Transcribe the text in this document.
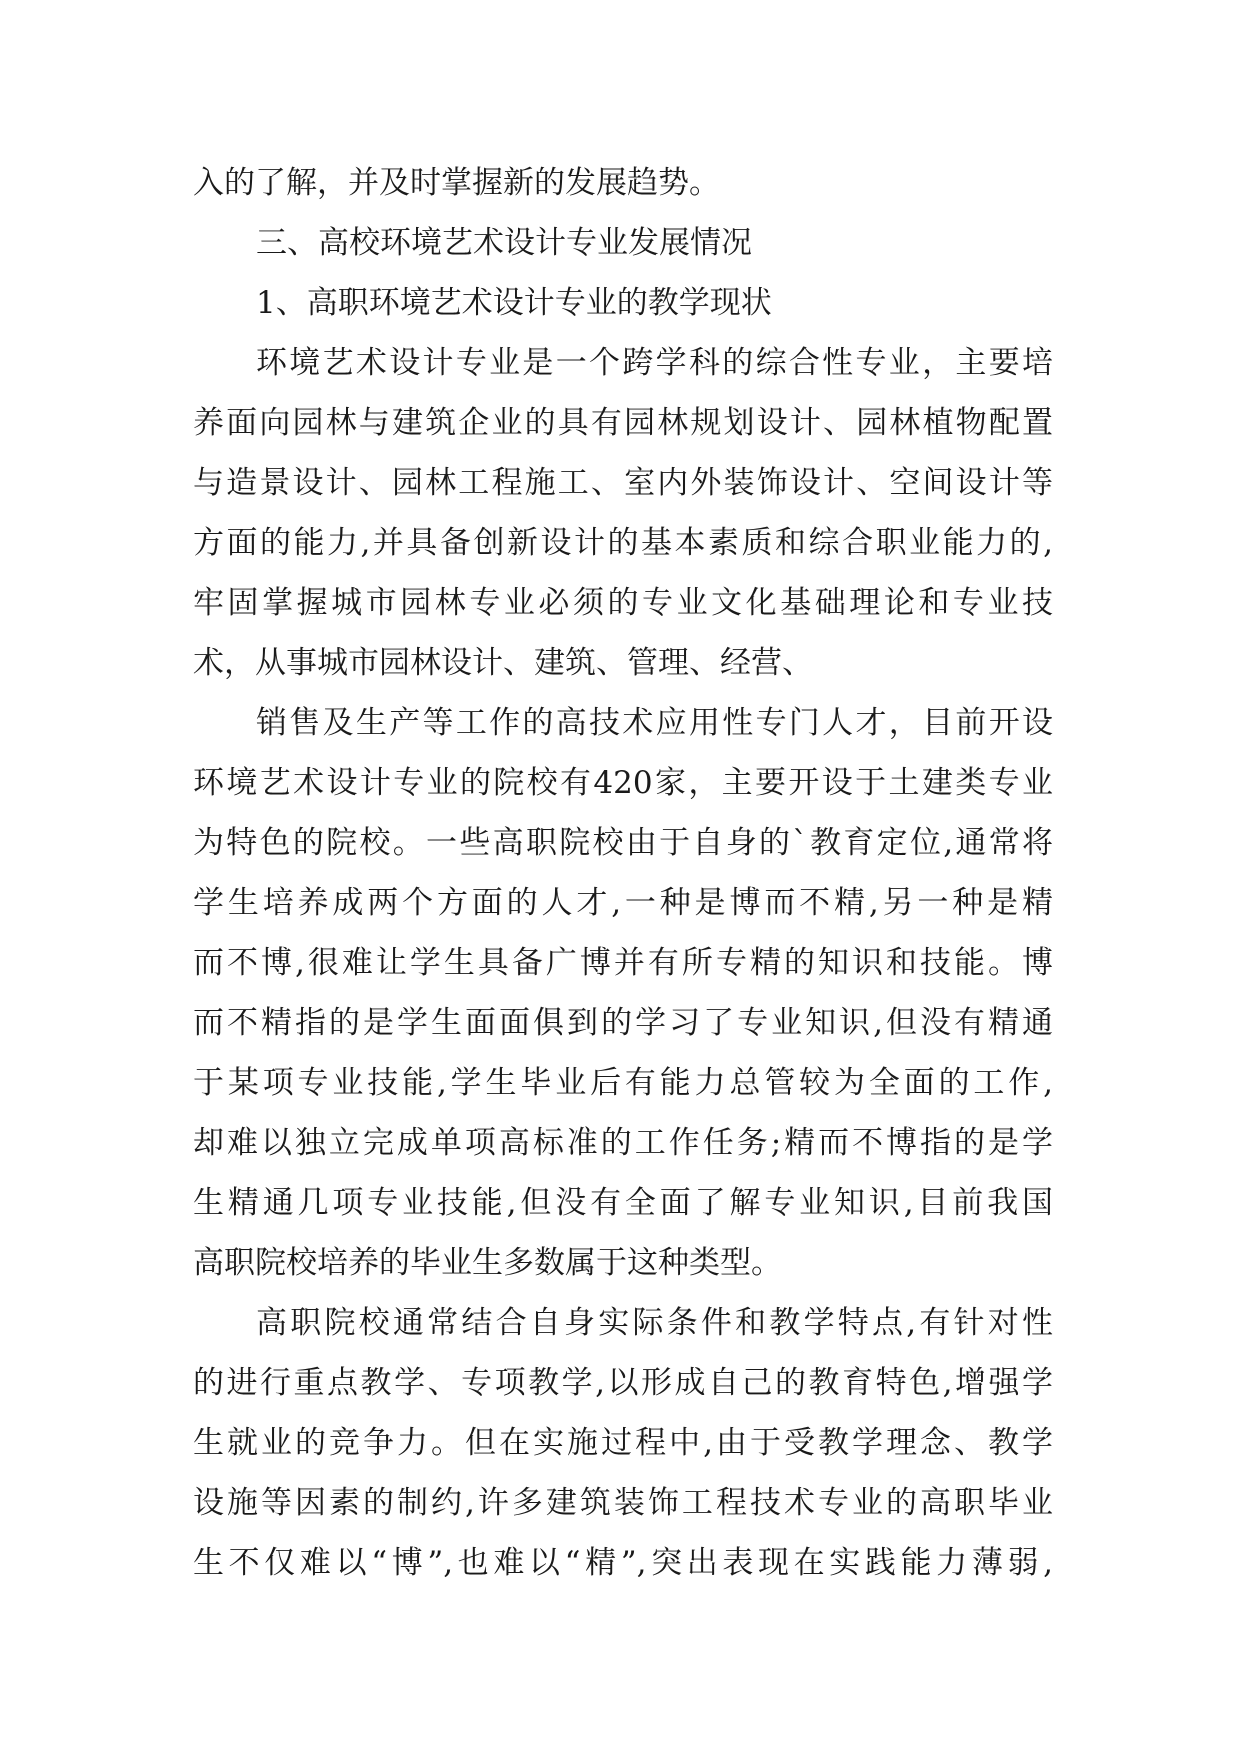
入的了解，并及时掌握新的发展趋势。
三、高校环境艺术设计专业发展情况
1、高职环境艺术设计专业的教学现状
环境艺术设计专业是一个跨学科的综合性专业，主要培
养面向园林与建筑企业的具有园林规划设计、园林植物配置
与造景设计、园林工程施工、室内外装饰设计、空间设计等
方面的能力,并具备创新设计的基本素质和综合职业能力的,
牢固掌握城市园林专业必须的专业文化基础理论和专业技
术，从事城市园林设计、建筑、管理、经营、
销售及生产等工作的高技术应用性专门人才，目前开设
环境艺术设计专业的院校有420家，主要开设于土建类专业
为特色的院校。一些高职院校由于自身的`教育定位,通常将
学生培养成两个方面的人才,一种是博而不精,另一种是精
而不博,很难让学生具备广博并有所专精的知识和技能。博
而不精指的是学生面面俱到的学习了专业知识,但没有精通
于某项专业技能,学生毕业后有能力总管较为全面的工作,
却难以独立完成单项高标准的工作任务;精而不博指的是学
生精通几项专业技能,但没有全面了解专业知识,目前我国
高职院校培养的毕业生多数属于这种类型。
高职院校通常结合自身实际条件和教学特点,有针对性
的进行重点教学、专项教学,以形成自己的教育特色,增强学
生就业的竞争力。但在实施过程中,由于受教学理念、教学
设施等因素的制约,许多建筑装饰工程技术专业的高职毕业
生不仅难以“博”,也难以“精”,突出表现在实践能力薄弱,
